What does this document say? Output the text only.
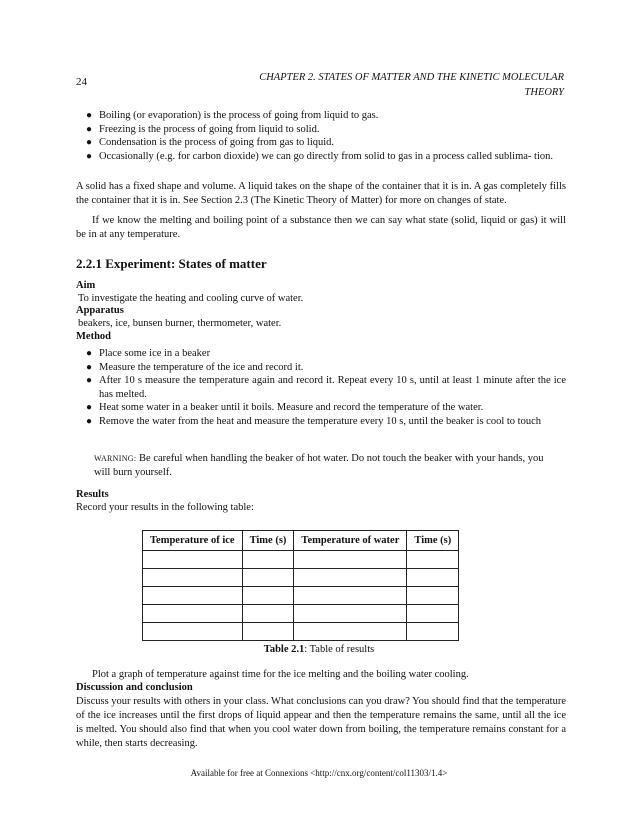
24	CHAPTER 2. STATES OF MATTER AND THE KINETIC MOLECULAR
THEORY
● Boiling (or evaporation) is the process of going from liquid to gas.
● Freezing is the process of going from liquid to solid.
● Condensation is the process of going from gas to liquid.
● Occasionally (e.g. for carbon dioxide) we can go directly from solid to gas in a process called sublima- tion.
A solid has a fixed shape and volume. A liquid takes on the shape of the container that it is in. A gas completely fills the container that it is in. See Section 2.3 (The Kinetic Theory of Matter) for more on changes of state.
If we know the melting and boiling point of a substance then we can say what state (solid, liquid or gas) it will be in at any temperature.
2.2.1 Experiment: States of matter
Aim
To investigate the heating and cooling curve of water.
Apparatus
beakers, ice, bunsen burner, thermometer, water.
Method
● Place some ice in a beaker
● Measure the temperature of the ice and record it.
● After 10 s measure the temperature again and record it. Repeat every 10 s, until at least 1 minute after the ice has melted.
● Heat some water in a beaker until it boils. Measure and record the temperature of the water.
● Remove the water from the heat and measure the temperature every 10 s, until the beaker is cool to touch
WARNING: Be careful when handling the beaker of hot water. Do not touch the beaker with your hands, you will burn yourself.
Results
Record your results in the following table:
Temperature of ice	Time (s)	Temperature of water	Time (s)

Table 2.1: Table of results
Plot a graph of temperature against time for the ice melting and the boiling water cooling.
Discussion and conclusion
Discuss your results with others in your class. What conclusions can you draw? You should find that the temperature of the ice increases until the first drops of liquid appear and then the temperature remains the same, until all the ice is melted. You should also find that when you cool water down from boiling, the temperature remains constant for a while, then starts decreasing.
Available for free at Connexions <http://cnx.org/content/col11303/1.4>
